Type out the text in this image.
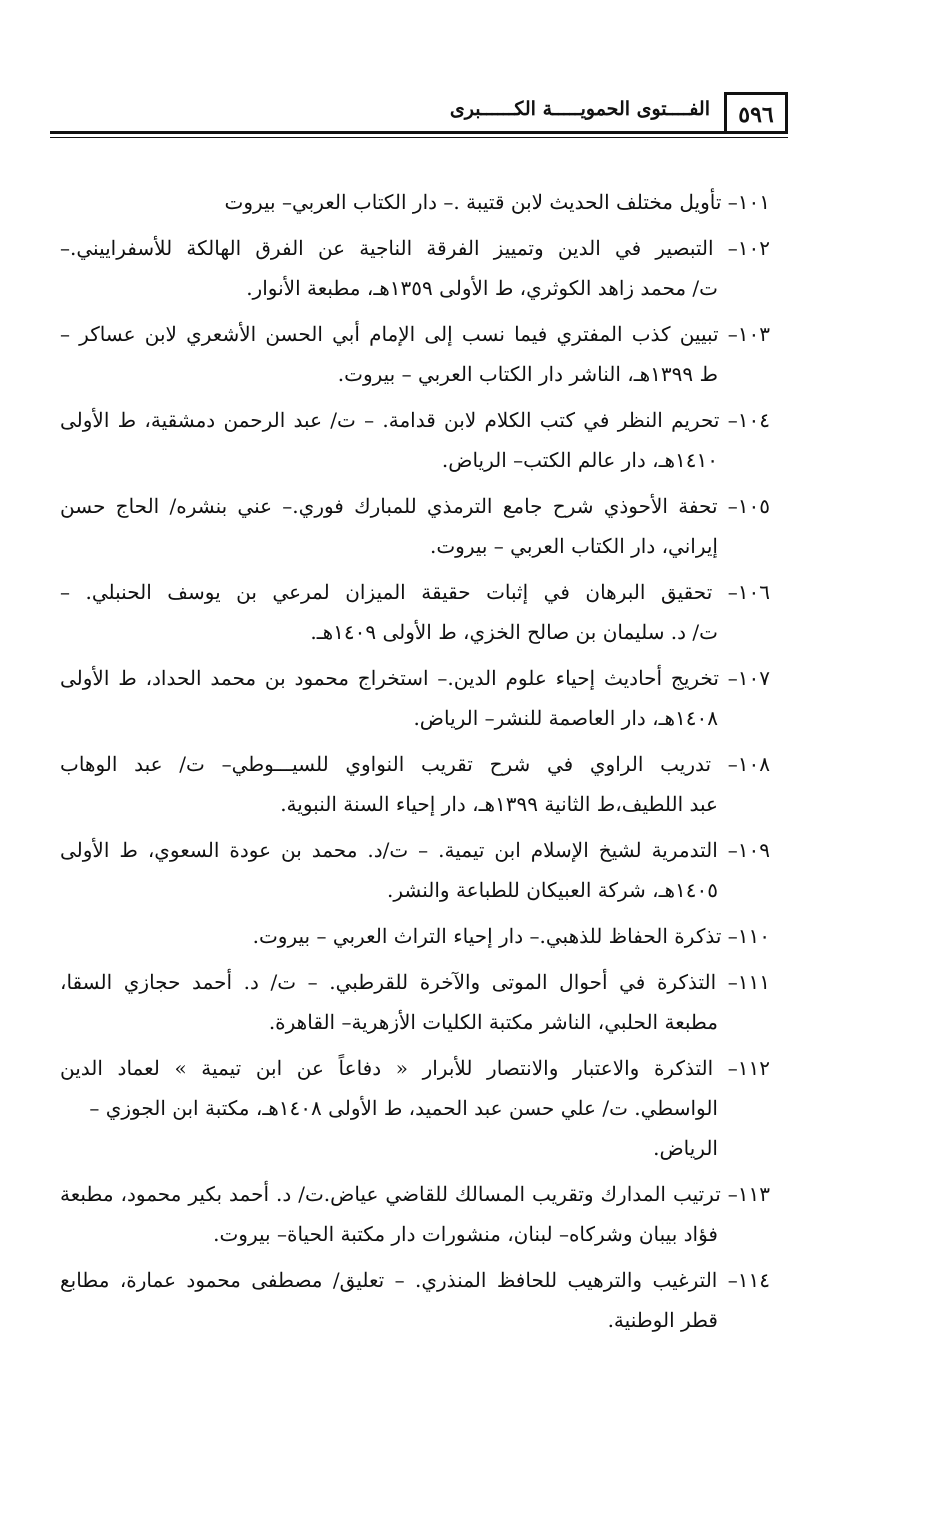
٥٩٦
الفــــتوى الحمويـــــة الكــــــبرى
١٠١– تأويل مختلف الحديث لابن قتيبة .– دار الكتاب العربي– بيروت
١٠٢– التبصير في الدين وتمييز الفرقة الناجية عن الفرق الهالكة للأسفراييني.–
ت/ محمد زاهد الكوثري، ط الأولى ١٣٥٩هـ، مطبعة الأنوار.
١٠٣– تبيين كذب المفتري فيما نسب إلى الإمام أبي الحسن الأشعري لابن عساكر –
ط ١٣٩٩هـ، الناشر دار الكتاب العربي – بيروت.
١٠٤– تحريم النظر في كتب الكلام لابن قدامة. – ت/ عبد الرحمن دمشقية، ط الأولى
١٤١٠هـ، دار عالم الكتب– الرياض.
١٠٥– تحفة الأحوذي شرح جامع الترمذي للمبارك فوري.– عني بنشره/ الحاج حسن
إيراني، دار الكتاب العربي – بيروت.
١٠٦– تحقيق البرهان في إثبات حقيقة الميزان لمرعي بن يوسف الحنبلي. –
ت/ د. سليمان بن صالح الخزي، ط الأولى ١٤٠٩هـ.
١٠٧– تخريج أحاديث إحياء علوم الدين.– استخراج محمود بن محمد الحداد، ط الأولى
١٤٠٨هـ، دار العاصمة للنشر– الرياض.
١٠٨– تدريب الراوي في شرح تقريب النواوي للسيـــوطي– ت/ عبد الوهاب
عبد اللطيف،ط الثانية ١٣٩٩هـ، دار إحياء السنة النبوية.
١٠٩– التدمرية لشيخ الإسلام ابن تيمية. – ت/د. محمد بن عودة السعوي، ط الأولى
١٤٠٥هـ، شركة العبيكان للطباعة والنشر.
١١٠– تذكرة الحفاظ للذهبي.– دار إحياء التراث العربي – بيروت.
١١١– التذكرة في أحوال الموتى والآخرة للقرطبي. – ت/ د. أحمد حجازي السقا،
مطبعة الحلبي، الناشر مكتبة الكليات الأزهرية– القاهرة.
١١٢– التذكرة والاعتبار والانتصار للأبرار « دفاعاً عن ابن تيمية » لعماد الدين
الواسطي. ت/ علي حسن عبد الحميد، ط الأولى ١٤٠٨هـ، مكتبة ابن الجوزي –
الرياض.
١١٣– ترتيب المدارك وتقريب المسالك للقاضي عياض.ت/ د. أحمد بكير محمود، مطبعة
فؤاد بيبان وشركاه– لبنان، منشورات دار مكتبة الحياة– بيروت.
١١٤– الترغيب والترهيب للحافظ المنذري. – تعليق/ مصطفى محمود عمارة، مطابع
قطر الوطنية.
